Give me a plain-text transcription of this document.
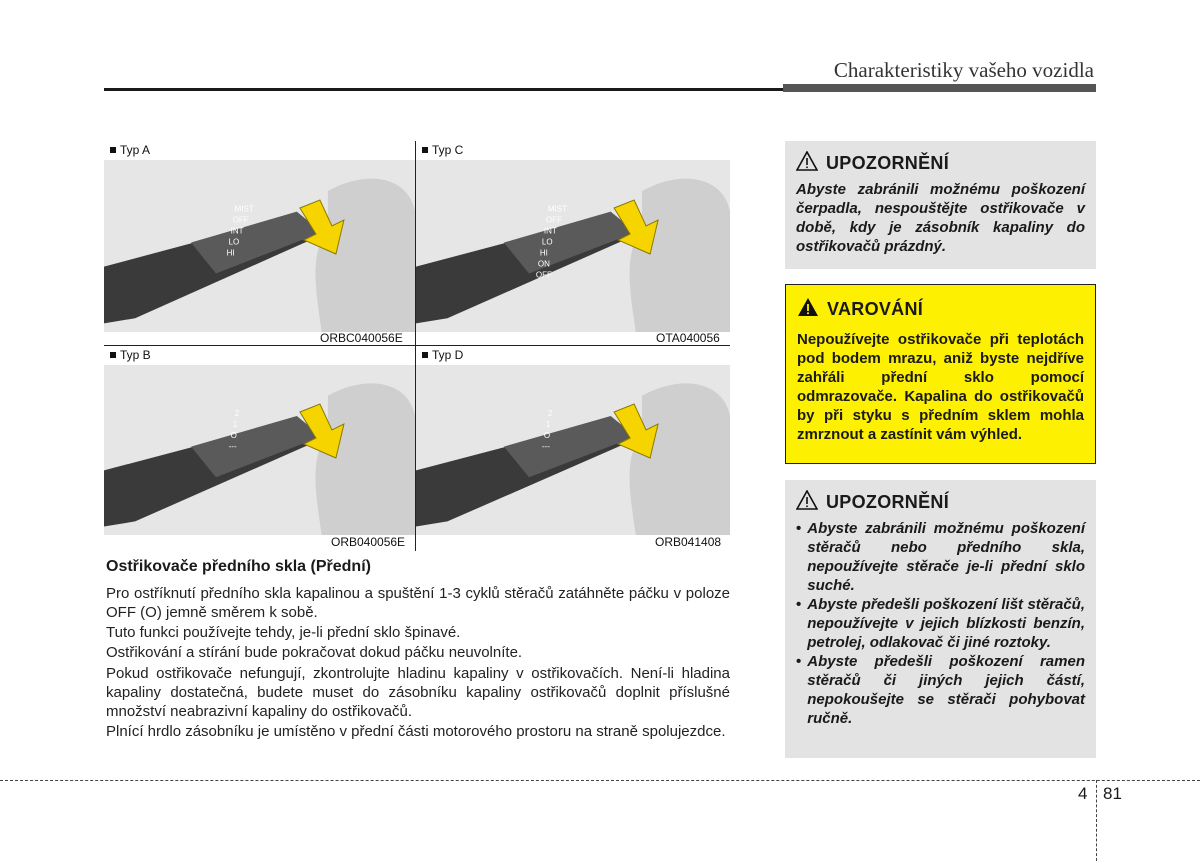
Charakteristiky vašeho vozidla
Typ A
MIST
OFF
INT
LO
HI
ORBC040056E
Typ C
MIST
OFF
INT
LO
HI
ON
OFF
OTA040056
Typ B
2
1
O
---
ORB040056E
Typ D
2
1
O
---
ORB041408
Ostřikovače předního skla (Přední)
Pro ostříknutí předního skla kapalinou a spuštění 1-3 cyklů stěračů zatáhněte páčku v poloze OFF (O) jemně směrem k sobě.
Tuto funkci používejte tehdy, je-li přední sklo špinavé.
Ostřikování a stírání bude pokračovat dokud páčku neuvolníte.
Pokud ostřikovače nefungují, zkontrolujte hladinu kapaliny v ostřikovačích. Není-li hladina kapaliny dostatečná, budete muset do zásobníku kapaliny ostřikovačů doplnit příslušné množství neabrazivní kapaliny do ostřikovačů.
Plnící hrdlo zásobníku je umístěno v přední části motorového prostoru na straně spolujezdce.
UPOZORNĚNÍ
Abyste zabránili možnému poškození čerpadla, nespouštějte ostřikovače v době, kdy je zásobník kapaliny do ostřikovačů prázdný.
VAROVÁNÍ
Nepoužívejte ostřikovače při teplotách pod bodem mrazu, aniž byste nejdříve zahřáli přední sklo pomocí odmrazovače. Kapalina do ostřikovačů by při styku s předním sklem mohla zmrznout a zastínit vám výhled.
UPOZORNĚNÍ
• Abyste zabránili možnému poškození stěračů nebo předního skla, nepoužívejte stěrače je-li přední sklo suché.
• Abyste předešli poškození lišt stěračů, nepoužívejte v jejich blízkosti benzín, petrolej, odlakovač či jiné roztoky.
• Abyste předešli poškození ramen stěračů či jiných jejich částí, nepokoušejte se stěrači pohybovat ručně.
4 81
